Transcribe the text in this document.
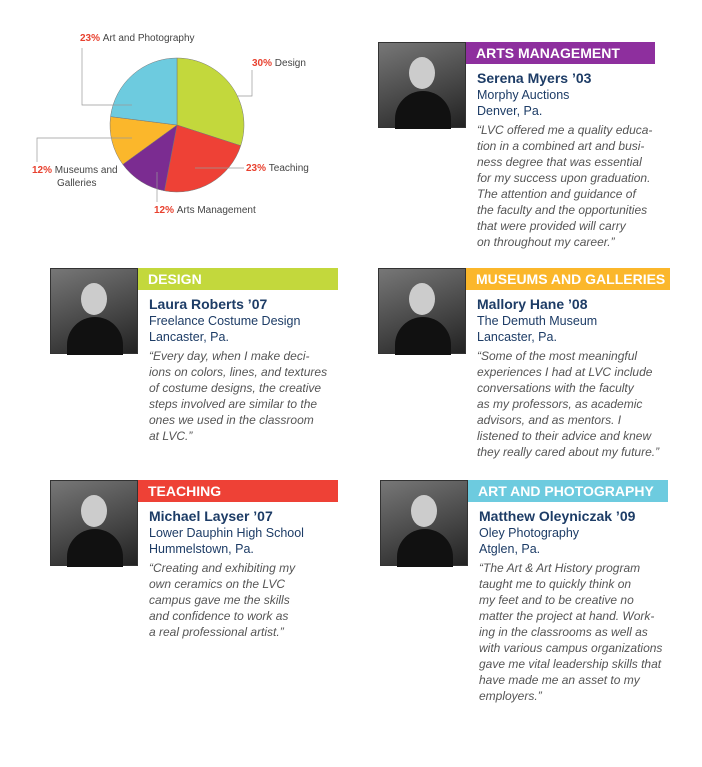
30% Design
23% Teaching
12% Arts Management
12% Museums and Galleries
23% Art and Photography
ARTS MANAGEMENT
Serena Myers ’03
Morphy Auctions
Denver, Pa.
“LVC offered me a quality educa-
tion in a combined art and busi-
ness degree that was essential
for my success upon graduation.
The attention and guidance of
the faculty and the opportunities
that were provided will carry
on throughout my career.”
DESIGN
Laura Roberts ’07
Freelance Costume Design
Lancaster, Pa.
“Every day, when I make deci-
ions on colors, lines, and textures
of costume designs, the creative
steps involved are similar to the
ones we used in the classroom
at LVC.”
MUSEUMS AND GALLERIES
Mallory Hane ’08
The Demuth Museum
Lancaster, Pa.
“Some of the most meaningful
experiences I had at LVC include
conversations with the faculty
as my professors, as academic
advisors, and as mentors. I
listened to their advice and knew
they really cared about my future.”
TEACHING
Michael Layser ’07
Lower Dauphin High School
Hummelstown, Pa.
“Creating and exhibiting my
own ceramics on the LVC
campus gave me the skills
and confidence to work as
a real professional artist.”
ART AND PHOTOGRAPHY
Matthew Oleyniczak ’09
Oley Photography
Atglen, Pa.
“The Art & Art History program
taught me to quickly think on
my feet and to be creative no
matter the project at hand. Work-
ing in the classrooms as well as
with various campus organizations
gave me vital leadership skills that
have made me an asset to my
employers.”
